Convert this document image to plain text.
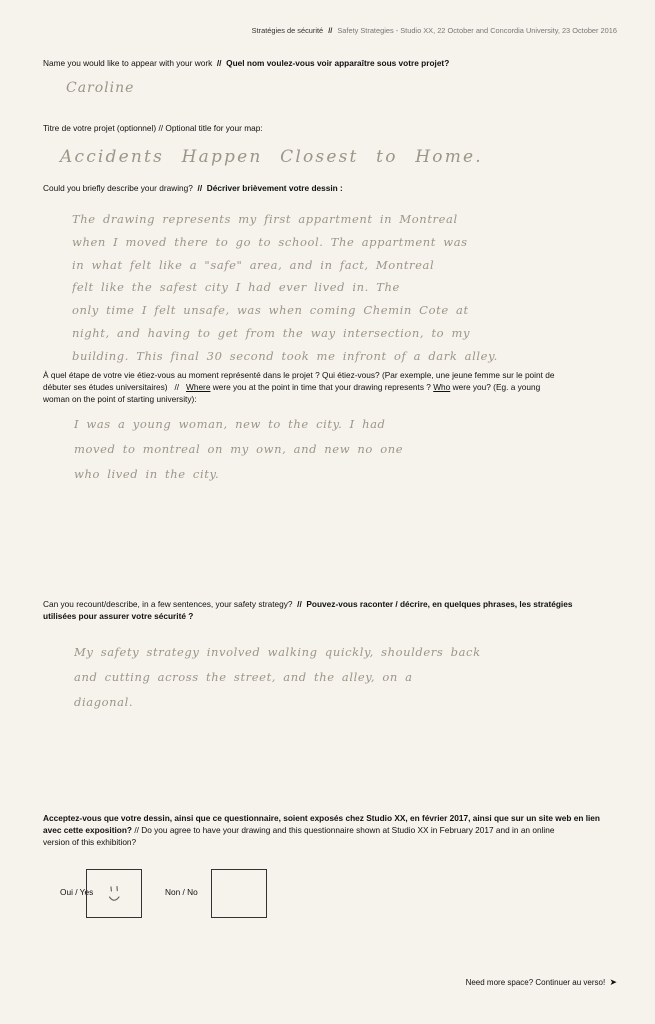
Stratégies de sécurité // Safety Strategies - Studio XX, 22 October and Concordia University, 23 October 2016
Name you would like to appear with your work // Quel nom voulez-vous voir apparaître sous votre projet?
Caroline
Titre de votre projet (optionnel) // Optional title for your map:
Accidents Happen Closest to Home.
Could you briefly describe your drawing? // Décriver brièvement votre dessin :
The drawing represents my first appartment in Montreal
when I moved there to go to school. The appartment was
in what felt like a "safe" area, and in fact, Montreal
felt like the safest city I had ever lived in. The
only time I felt unsafe, was when coming Chemin Cote at
night, and having to get from the way intersection, to my
building. This final 30 second took me infront of a dark alley.
À quel étape de votre vie étiez-vous au moment représenté dans le projet ? Qui étiez-vous? (Par exemple, une jeune femme sur le point de
débuter ses études universitaires) // Where were you at the point in time that your drawing represents ? Who were you? (Eg. a young
woman on the point of starting university):
I was a young woman, new to the city. I had
moved to montreal on my own, and new no one
who lived in the city.
Can you recount/describe, in a few sentences, your safety strategy? // Pouvez-vous raconter / décrire, en quelques phrases, les stratégies
utilisées pour assurer votre sécurité ?
My safety strategy involved walking quickly, shoulders back
and cutting across the street, and the alley, on a
diagonal.
Acceptez-vous que votre dessin, ainsi que ce questionnaire, soient exposés chez Studio XX, en février 2017, ainsi que sur un site web en lien
avec cette exposition? // Do you agree to have your drawing and this questionnaire shown at Studio XX in February 2017 and in an online
version of this exhibition?
Oui / Yes	Non / No
Need more space? Continuer au verso! ➤
